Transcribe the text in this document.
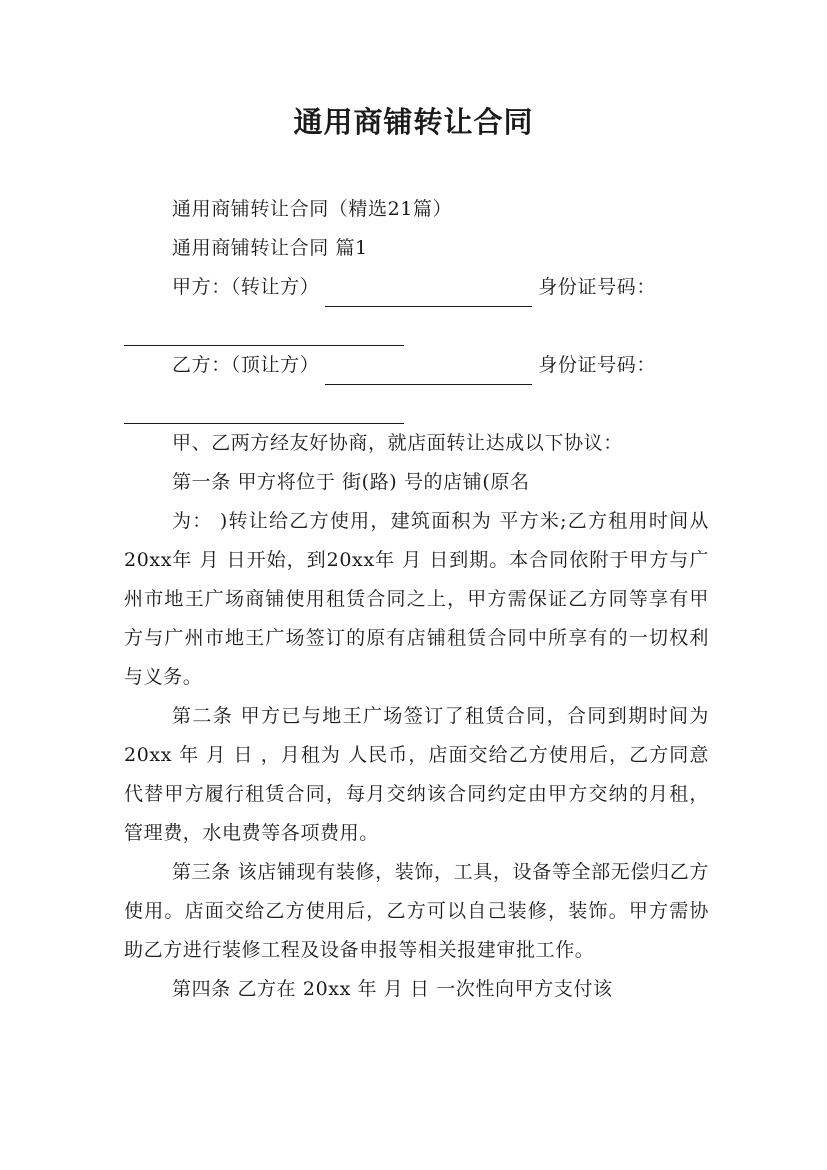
通用商铺转让合同

通用商铺转让合同（精选21篇）

通用商铺转让合同 篇1

甲方：（转让方）	身份证号码：

乙方：（顶让方）	身份证号码：

甲、乙两方经友好协商，就店面转让达成以下协议：

第一条 甲方将位于 街(路) 号的店铺(原名

为： )转让给乙方使用，建筑面积为 平方米;乙方租用时间从20xx年 月 日开始，到20xx年 月 日到期。本合同依附于甲方与广州市地王广场商铺使用租赁合同之上，甲方需保证乙方同等享有甲方与广州市地王广场签订的原有店铺租赁合同中所享有的一切权利与义务。

第二条 甲方已与地王广场签订了租赁合同，合同到期时间为 20xx 年 月 日 ，月租为 人民币，店面交给乙方使用后，乙方同意代替甲方履行租赁合同，每月交纳该合同约定由甲方交纳的月租，管理费，水电费等各项费用。

第三条 该店铺现有装修，装饰，工具，设备等全部无偿归乙方使用。店面交给乙方使用后，乙方可以自己装修，装饰。甲方需协助乙方进行装修工程及设备申报等相关报建审批工作。

第四条 乙方在 20xx 年 月 日 一次性向甲方支付该
